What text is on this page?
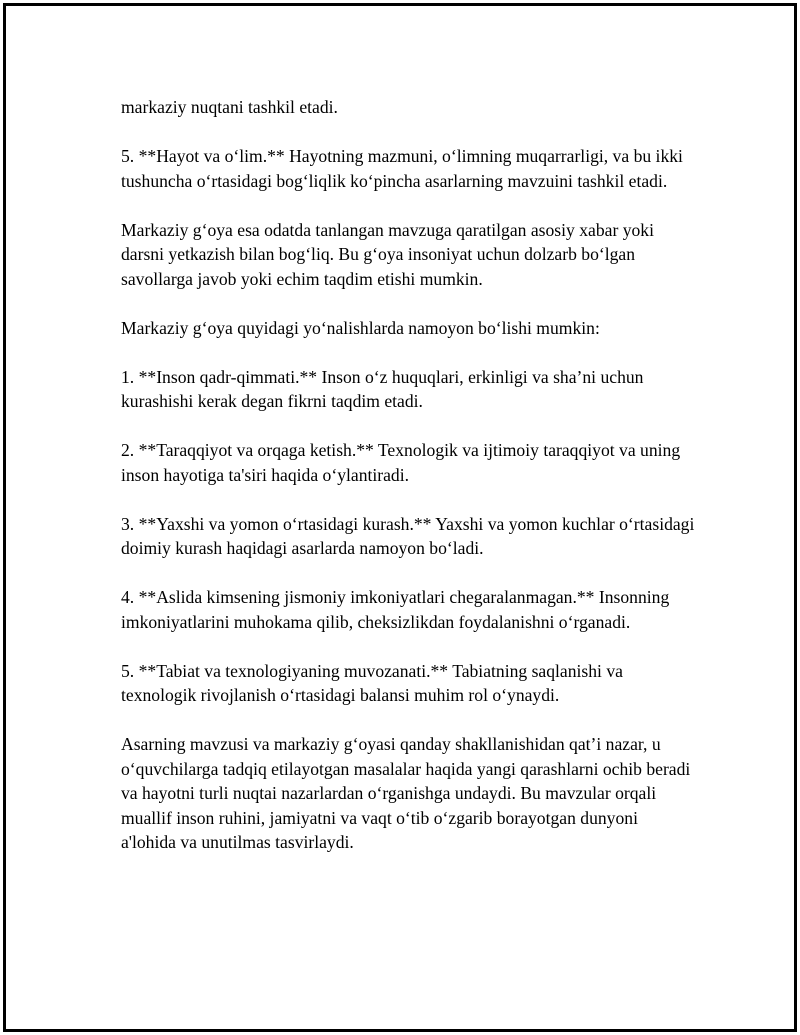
markaziy nuqtani tashkil etadi.

5. **Hayot va o‘lim.** Hayotning mazmuni, o‘limning muqarrarligi, va bu ikki tushuncha o‘rtasidagi bog‘liqlik ko‘pincha asarlarning mavzuini tashkil etadi.

Markaziy g‘oya esa odatda tanlangan mavzuga qaratilgan asosiy xabar yoki darsni yetkazish bilan bog‘liq. Bu g‘oya insoniyat uchun dolzarb bo‘lgan savollarga javob yoki echim taqdim etishi mumkin.

Markaziy g‘oya quyidagi yo‘nalishlarda namoyon bo‘lishi mumkin:

1. **Inson qadr-qimmati.** Inson o‘z huquqlari, erkinligi va sha’ni uchun kurashishi kerak degan fikrni taqdim etadi.

2. **Taraqqiyot va orqaga ketish.** Texnologik va ijtimoiy taraqqiyot va uning inson hayotiga ta'siri haqida o‘ylantiradi.

3. **Yaxshi va yomon o‘rtasidagi kurash.** Yaxshi va yomon kuchlar o‘rtasidagi doimiy kurash haqidagi asarlarda namoyon bo‘ladi.

4. **Aslida kimsening jismoniy imkoniyatlari chegaralanmagan.** Insonning imkoniyatlarini muhokama qilib, cheksizlikdan foydalanishni o‘rganadi.

5. **Tabiat va texnologiyaning muvozanati.** Tabiatning saqlanishi va texnologik rivojlanish o‘rtasidagi balansi muhim rol o‘ynaydi.

Asarning mavzusi va markaziy g‘oyasi qanday shakllanishidan qat’i nazar, u o‘quvchilarga tadqiq etilayotgan masalalar haqida yangi qarashlarni ochib beradi va hayotni turli nuqtai nazarlardan o‘rganishga undaydi. Bu mavzular orqali muallif inson ruhini, jamiyatni va vaqt o‘tib o‘zgarib borayotgan dunyoni a'lohida va unutilmas tasvirlaydi.
